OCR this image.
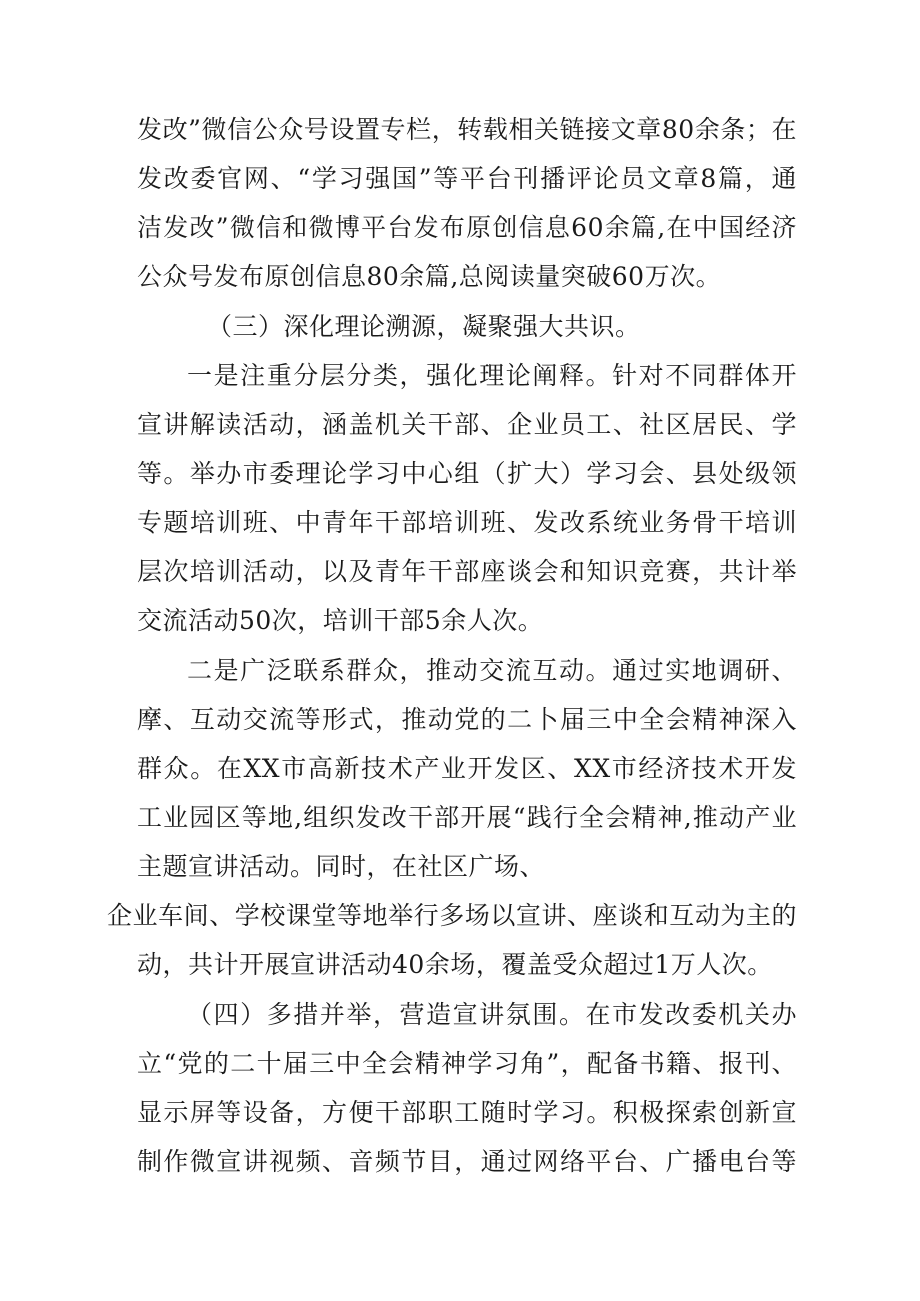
发改”微信公众号设置专栏，转载相关链接文章80余条；在
发改委官网、“学习强国”等平台刊播评论员文章8篇，通
洁发改”微信和微博平台发布原创信息60余篇,在中国经济
公众号发布原创信息80余篇,总阅读量突破60万次。
（三）深化理论溯源，凝聚强大共识。
一是注重分层分类，强化理论阐释。针对不同群体开
宣讲解读活动，涵盖机关干部、企业员工、社区居民、学
等。举办市委理论学习中心组（扩大）学习会、县处级领
专题培训班、中青年干部培训班、发改系统业务骨干培训
层次培训活动，以及青年干部座谈会和知识竞赛，共计举
交流活动50次，培训干部5余人次。
二是广泛联系群众，推动交流互动。通过实地调研、
摩、互动交流等形式，推动党的二卜届三中全会精神深入
群众。在XX市高新技术产业开发区、XX市经济技术开发
工业园区等地,组织发改干部开展“践行全会精神,推动产业
主题宣讲活动。同时，在社区广场、
企业车间、学校课堂等地举行多场以宣讲、座谈和互动为主的
动，共计开展宣讲活动40余场，覆盖受众超过1万人次。
（四）多措并举，营造宣讲氛围。在市发改委机关办
立“党的二十届三中全会精神学习角”，配备书籍、报刊、
显示屏等设备，方便干部职工随时学习。积极探索创新宣
制作微宣讲视频、音频节目，通过网络平台、广播电台等
